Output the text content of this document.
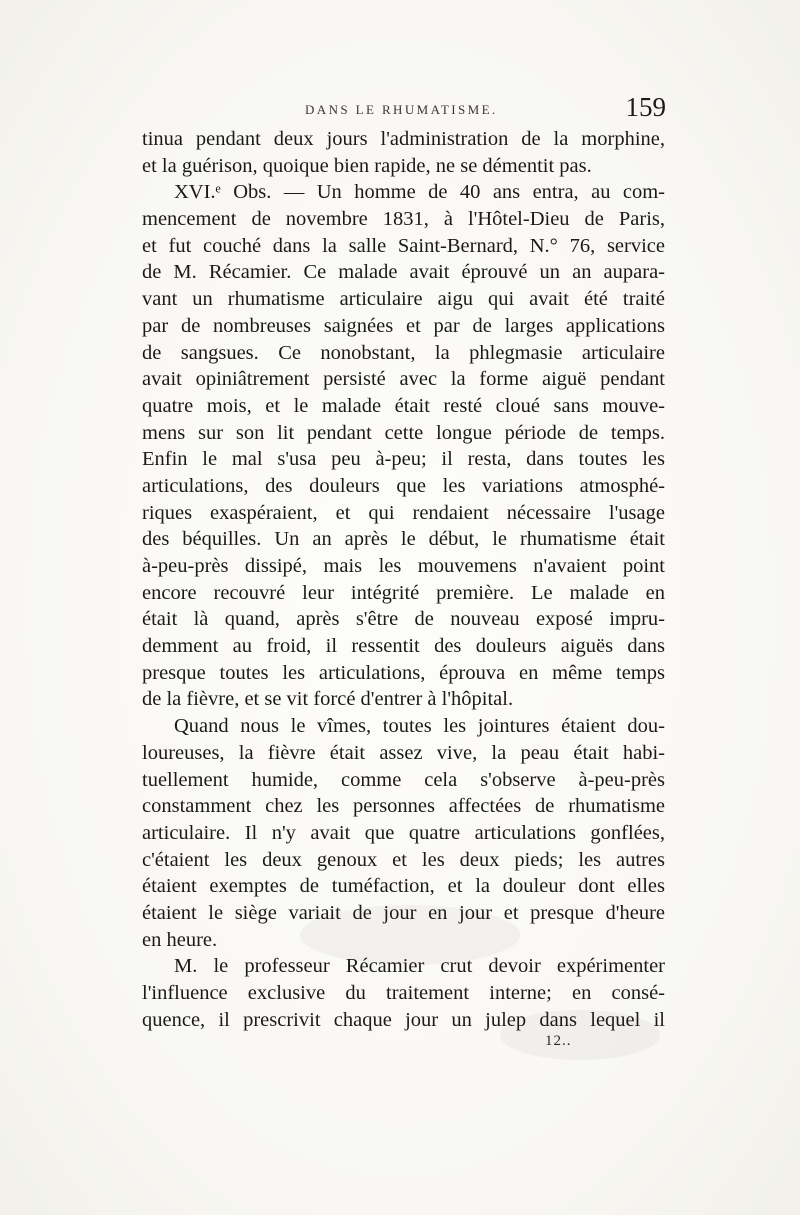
DANS LE RHUMATISME.	159
tinua pendant deux jours l'administration de la morphine,
et la guérison, quoique bien rapide, ne se démentit pas.
XVI.ᵉ Obs. — Un homme de 40 ans entra, au com-
mencement de novembre 1831, à l'Hôtel-Dieu de Paris,
et fut couché dans la salle Saint-Bernard, N.° 76, service
de M. Récamier. Ce malade avait éprouvé un an aupara-
vant un rhumatisme articulaire aigu qui avait été traité
par de nombreuses saignées et par de larges applications
de sangsues. Ce nonobstant, la phlegmasie articulaire
avait opiniâtrement persisté avec la forme aiguë pendant
quatre mois, et le malade était resté cloué sans mouve-
mens sur son lit pendant cette longue période de temps.
Enfin le mal s'usa peu à-peu; il resta, dans toutes les
articulations, des douleurs que les variations atmosphé-
riques exaspéraient, et qui rendaient nécessaire l'usage
des béquilles. Un an après le début, le rhumatisme était
à-peu-près dissipé, mais les mouvemens n'avaient point
encore recouvré leur intégrité première. Le malade en
était là quand, après s'être de nouveau exposé impru-
demment au froid, il ressentit des douleurs aiguës dans
presque toutes les articulations, éprouva en même temps
de la fièvre, et se vit forcé d'entrer à l'hôpital.
Quand nous le vîmes, toutes les jointures étaient dou-
loureuses, la fièvre était assez vive, la peau était habi-
tuellement humide, comme cela s'observe à-peu-près
constamment chez les personnes affectées de rhumatisme
articulaire. Il n'y avait que quatre articulations gonflées,
c'étaient les deux genoux et les deux pieds; les autres
étaient exemptes de tuméfaction, et la douleur dont elles
étaient le siège variait de jour en jour et presque d'heure
en heure.
M. le professeur Récamier crut devoir expérimenter
l'influence exclusive du traitement interne; en consé-
quence, il prescrivit chaque jour un julep dans lequel il
12..
